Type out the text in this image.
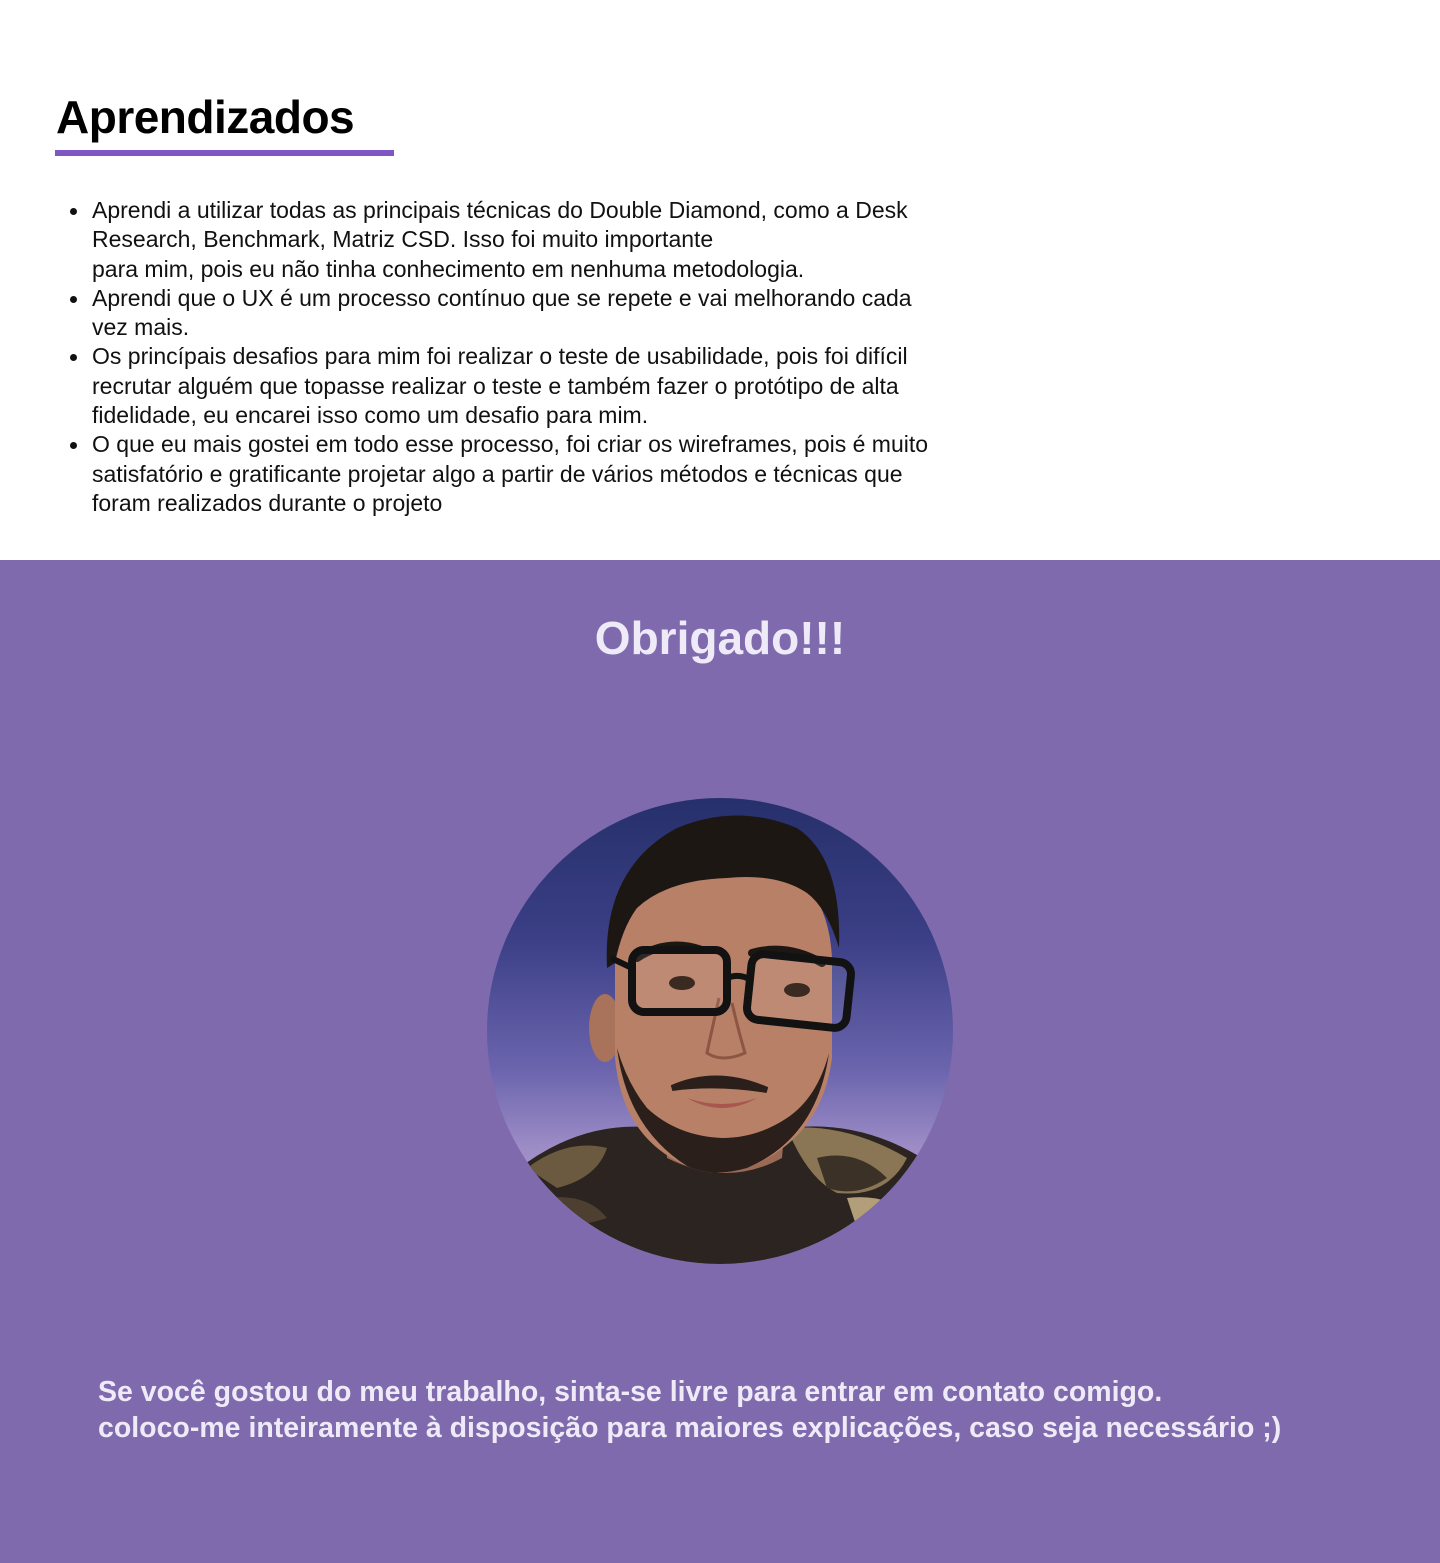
Aprendizados
Aprendi a utilizar todas as principais técnicas do Double Diamond, como a Desk
Research, Benchmark, Matriz CSD. Isso foi muito importante
para mim, pois eu não tinha conhecimento em nenhuma metodologia.
Aprendi que o UX é um processo contínuo que se repete e vai melhorando cada
vez mais.
Os princípais desafios para mim foi realizar o teste de usabilidade, pois foi difícil
recrutar alguém que topasse realizar o teste e também fazer o protótipo de alta
fidelidade, eu encarei isso como um desafio para mim.
O que eu mais gostei em todo esse processo, foi criar os wireframes, pois é muito
satisfatório e gratificante projetar algo a partir de vários métodos e técnicas que
foram realizados durante o projeto
Obrigado!!!
Se você gostou do meu trabalho, sinta-se livre para entrar em contato comigo.
coloco-me inteiramente à disposição para maiores explicações, caso seja necessário ;)
